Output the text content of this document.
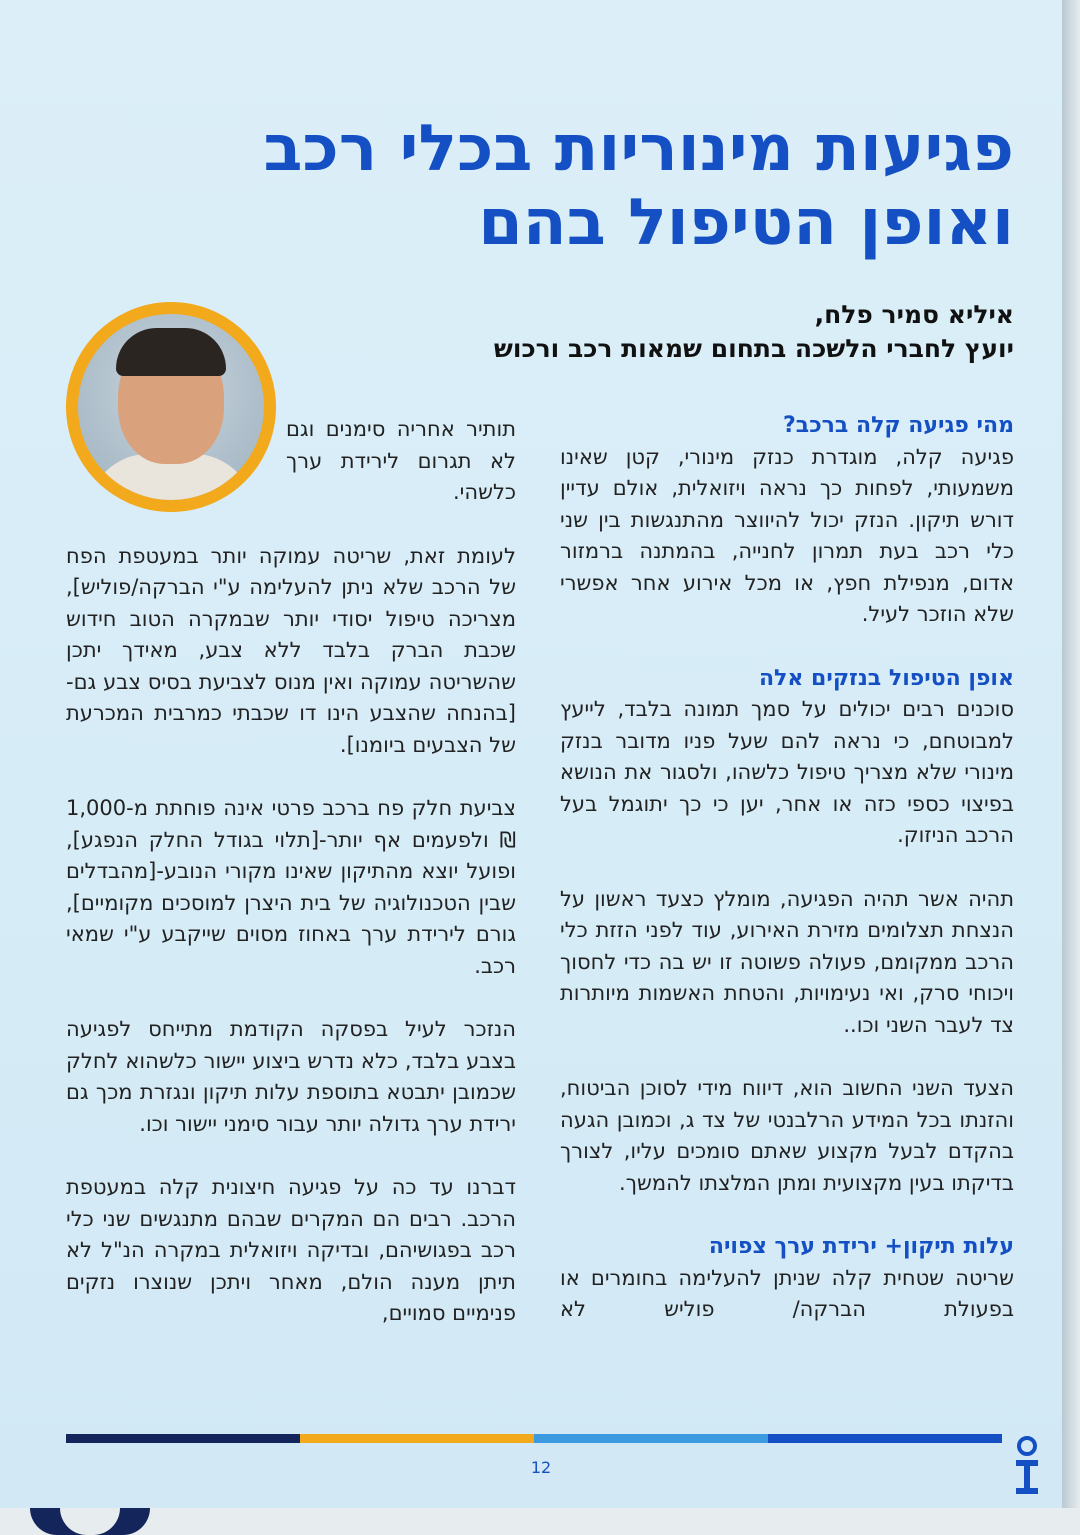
פגיעות מינוריות בכלי רכב
ואופן הטיפול בהם
איליא סמיר פלח,
יועץ לחברי הלשכה בתחום שמאות רכב ורכוש
מהי פגיעה קלה ברכב?

פגיעה קלה, מוגדרת כנזק מינורי, קטן שאינו משמעותי, לפחות כך נראה ויזואלית, אולם עדיין דורש תיקון. הנזק יכול להיווצר מהתנגשות בין שני כלי רכב בעת תמרון לחנייה, בהמתנה ברמזור אדום, מנפילת חפץ, או מכל אירוע אחר אפשרי שלא הוזכר לעיל.

אופן הטיפול בנזקים אלה

סוכנים רבים יכולים על סמך תמונה בלבד, לייעץ למבוטחם, כי נראה להם שעל פניו מדובר בנזק מינורי שלא מצריך טיפול כלשהו, ולסגור את הנושא בפיצוי כספי כזה או אחר, יען כי כך יתוגמל בעל הרכב הניזוק.

תהיה אשר תהיה הפגיעה, מומלץ כצעד ראשון על הנצחת תצלומים מזירת האירוע, עוד לפני הזזת כלי הרכב ממקומם, פעולה פשוטה זו יש בה כדי לחסוך ויכוחי סרק, ואי נעימויות, והטחת האשמות מיותרות צד לעבר השני וכו..

הצעד השני החשוב הוא, דיווח מידי לסוכן הביטוח, והזנתו בכל המידע הרלבנטי של צד ג, וכמובן הגעה בהקדם לבעל מקצוע שאתם סומכים עליו, לצורך בדיקתו בעין מקצועית ומתן המלצתו להמשך.

עלות תיקון+ ירידת ערך צפויה

שריטה שטחית קלה שניתן להעלימה בחומרים או בפעולת הברקה/ פוליש לא

תותיר אחריה סימנים וגם לא תגרום לירידת ערך כלשהי.

לעומת זאת, שריטה עמוקה יותר במעטפת הפח של הרכב שלא ניתן להעלימה ע"י הברקה/פוליש], מצריכה טיפול יסודי יותר שבמקרה הטוב חידוש שכבת הברק בלבד ללא צבע, מאידך יתכן שהשריטה עמוקה ואין מנוס לצביעת בסיס צבע גם-[בהנחה שהצבע הינו דו שכבתי כמרבית המכרעת של הצבעים ביומנו].

צביעת חלק פח ברכב פרטי אינה פוחתת מ-1,000 ₪ ולפעמים אף יותר-[תלוי בגודל החלק הנפגע], ופועל יוצא מהתיקון שאינו מקורי הנובע-[מהבדלים שבין הטכנולוגיה של בית היצרן למוסכים מקומיים], גורם לירידת ערך באחוז מסוים שייקבע ע"י שמאי רכב.

הנזכר לעיל בפסקה הקודמת מתייחס לפגיעה בצבע בלבד, כלא נדרש ביצוע יישור כלשהוא לחלק שכמובן יתבטא בתוספת עלות תיקון ונגזרת מכך גם ירידת ערך גדולה יותר עבור סימני יישור וכו.

דברנו עד כה על פגיעה חיצונית קלה במעטפת הרכב. רבים הם המקרים שבהם מתנגשים שני כלי רכב בפגושיהם, ובדיקה ויזואלית במקרה הנ"ל לא תיתן מענה הולם, מאחר ויתכן שנוצרו נזקים פנימיים סמויים,

12
